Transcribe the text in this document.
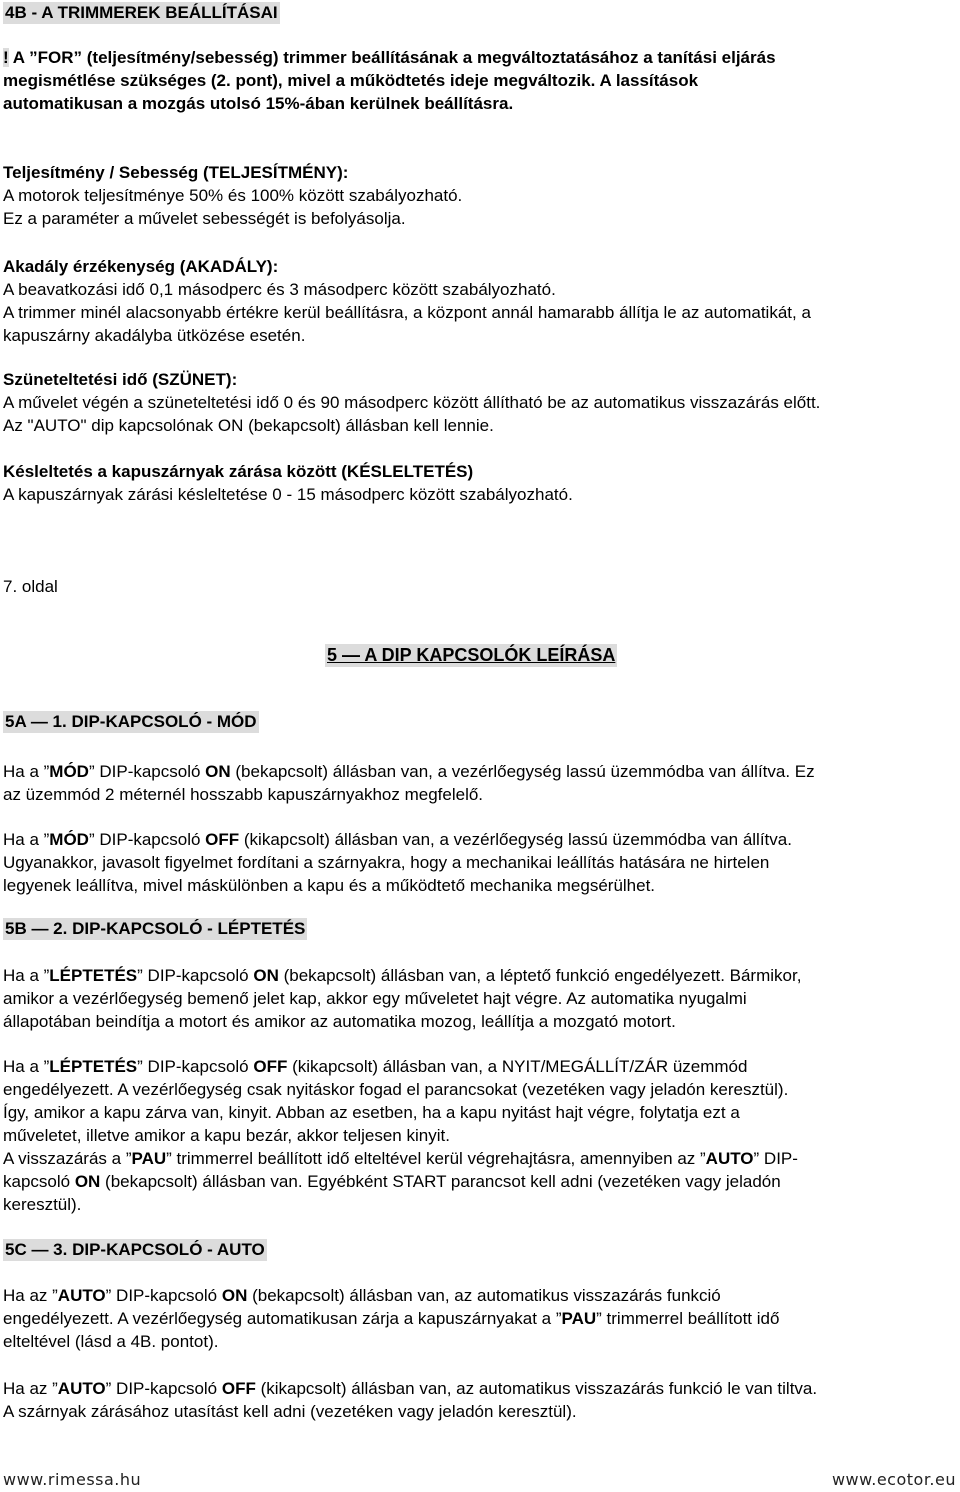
4B - A TRIMMEREK BEÁLLÍTÁSAI
! A ”FOR” (teljesítmény/sebesség) trimmer beállításának a megváltoztatásához a tanítási eljárás
megismétlése szükséges (2. pont), mivel a működtetés ideje megváltozik. A lassítások
automatikusan a mozgás utolsó 15%-ában kerülnek beállításra.
Teljesítmény / Sebesség (TELJESÍTMÉNY):
A motorok teljesítménye 50% és 100% között szabályozható.
Ez a paraméter a művelet sebességét is befolyásolja.
Akadály érzékenység (AKADÁLY):
A beavatkozási idő 0,1 másodperc és 3 másodperc között szabályozható.
A trimmer minél alacsonyabb értékre kerül beállításra, a központ annál hamarabb állítja le az automatikát, a
kapuszárny akadályba ütközése esetén.
Szüneteltetési idő (SZÜNET):
A művelet végén a szüneteltetési idő 0 és 90 másodperc között állítható be az automatikus visszazárás előtt.
Az "AUTO" dip kapcsolónak ON (bekapcsolt) állásban kell lennie.
Késleltetés a kapuszárnyak zárása között (KÉSLELTETÉS)
A kapuszárnyak zárási késleltetése 0 - 15 másodperc között szabályozható.
7. oldal
5 — A DIP KAPCSOLÓK LEÍRÁSA
5A — 1. DIP-KAPCSOLÓ - MÓD
Ha a ”MÓD” DIP-kapcsoló ON (bekapcsolt) állásban van, a vezérlőegység lassú üzemmódba van állítva. Ez
az üzemmód 2 méternél hosszabb kapuszárnyakhoz megfelelő.
Ha a ”MÓD” DIP-kapcsoló OFF (kikapcsolt) állásban van, a vezérlőegység lassú üzemmódba van állítva.
Ugyanakkor, javasolt figyelmet fordítani a szárnyakra, hogy a mechanikai leállítás hatására ne hirtelen
legyenek leállítva, mivel máskülönben a kapu és a működtető mechanika megsérülhet.
5B — 2. DIP-KAPCSOLÓ - LÉPTETÉS
Ha a ”LÉPTETÉS” DIP-kapcsoló ON (bekapcsolt) állásban van, a léptető funkció engedélyezett. Bármikor,
amikor a vezérlőegység bemenő jelet kap, akkor egy műveletet hajt végre. Az automatika nyugalmi
állapotában beindítja a motort és amikor az automatika mozog, leállítja a mozgató motort.
Ha a ”LÉPTETÉS” DIP-kapcsoló OFF (kikapcsolt) állásban van, a NYIT/MEGÁLLÍT/ZÁR üzemmód
engedélyezett. A vezérlőegység csak nyitáskor fogad el parancsokat (vezetéken vagy jeladón keresztül).
Így, amikor a kapu zárva van, kinyit. Abban az esetben, ha a kapu nyitást hajt végre, folytatja ezt a
műveletet, illetve amikor a kapu bezár, akkor teljesen kinyit.
A visszazárás a ”PAU” trimmerrel beállított idő elteltével kerül végrehajtásra, amennyiben az ”AUTO” DIP-
kapcsoló ON (bekapcsolt) állásban van. Egyébként START parancsot kell adni (vezetéken vagy jeladón
keresztül).
5C — 3. DIP-KAPCSOLÓ - AUTO
Ha az ”AUTO” DIP-kapcsoló ON (bekapcsolt) állásban van, az automatikus visszazárás funkció
engedélyezett. A vezérlőegység automatikusan zárja a kapuszárnyakat a ”PAU” trimmerrel beállított idő
elteltével (lásd a 4B. pontot).
Ha az ”AUTO” DIP-kapcsoló OFF (kikapcsolt) állásban van, az automatikus visszazárás funkció le van tiltva.
A szárnyak zárásához utasítást kell adni (vezetéken vagy jeladón keresztül).
www.rimessa.hu	www.ecotor.eu
